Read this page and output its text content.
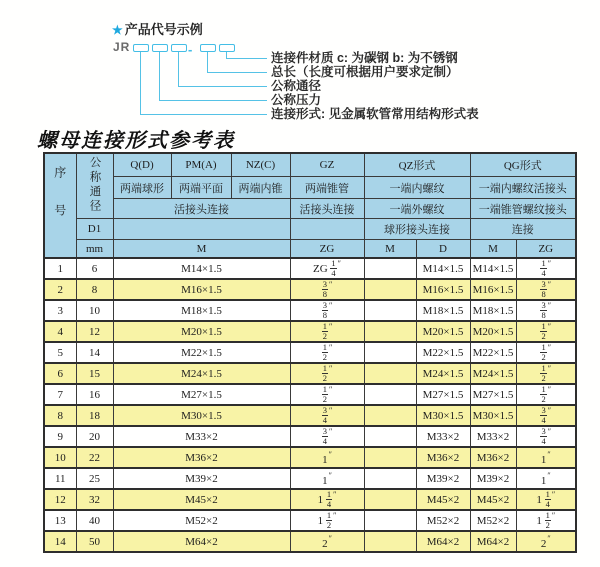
★ 产品代号示例
JR	-
连接件材质 c: 为碳钢 b: 为不锈钢
总长（长度可根据用户要求定制）
公称通径
公称压力
连接形式: 见金属软管常用结构形式表
螺母连接形式参考表
序号	公称通径	Q(D)	PM(A)	NZ(C)	GZ	QZ形式		QG形式	
		两端球形	两端平面	两端内锥	两端锥管	一端内螺纹		一端内螺纹活接头	
		活接头连接			活接头连接	一端外螺纹		一端锥管螺纹接头	
	D1					球形接头连接		连接	
	mm	M			ZG	M	D	M	ZG
1	6	M14×1.5			ZG $\frac{1}{4} ''$		M14×1.5	M14×1.5	$\frac{1}{4} ''$
2	8	M16×1.5			$\frac{3}{8} ''$		M16×1.5	M16×1.5	$\frac{3}{8} ''$
3	10	M18×1.5			$\frac{3}{8} ''$		M18×1.5	M18×1.5	$\frac{3}{8} ''$
4	12	M20×1.5			$\frac{1}{2} ''$		M20×1.5	M20×1.5	$\frac{1}{2} ''$
5	14	M22×1.5			$\frac{1}{2} ''$		M22×1.5	M22×1.5	$\frac{1}{2} ''$
6	15	M24×1.5			$\frac{1}{2} ''$		M24×1.5	M24×1.5	$\frac{1}{2} ''$
7	16	M27×1.5			$\frac{1}{2} ''$		M27×1.5	M27×1.5	$\frac{1}{2} ''$
8	18	M30×1.5			$\frac{3}{4} ''$		M30×1.5	M30×1.5	$\frac{3}{4} ''$
9	20	M33×2			$\frac{3}{4} ''$		M33×2	M33×2	$\frac{3}{4} ''$
10	22	M36×2			1″		M36×2	M36×2	1″
11	25	M39×2			1″		M39×2	M39×2	1″
12	32	M45×2			$1 \frac{1}{4} ''$		M45×2	M45×2	$1 \frac{1}{4} ''$
13	40	M52×2			$1 \frac{1}{2} ''$		M52×2	M52×2	$1 \frac{1}{2} ''$
14	50	M64×2			2″		M64×2	M64×2	2″
